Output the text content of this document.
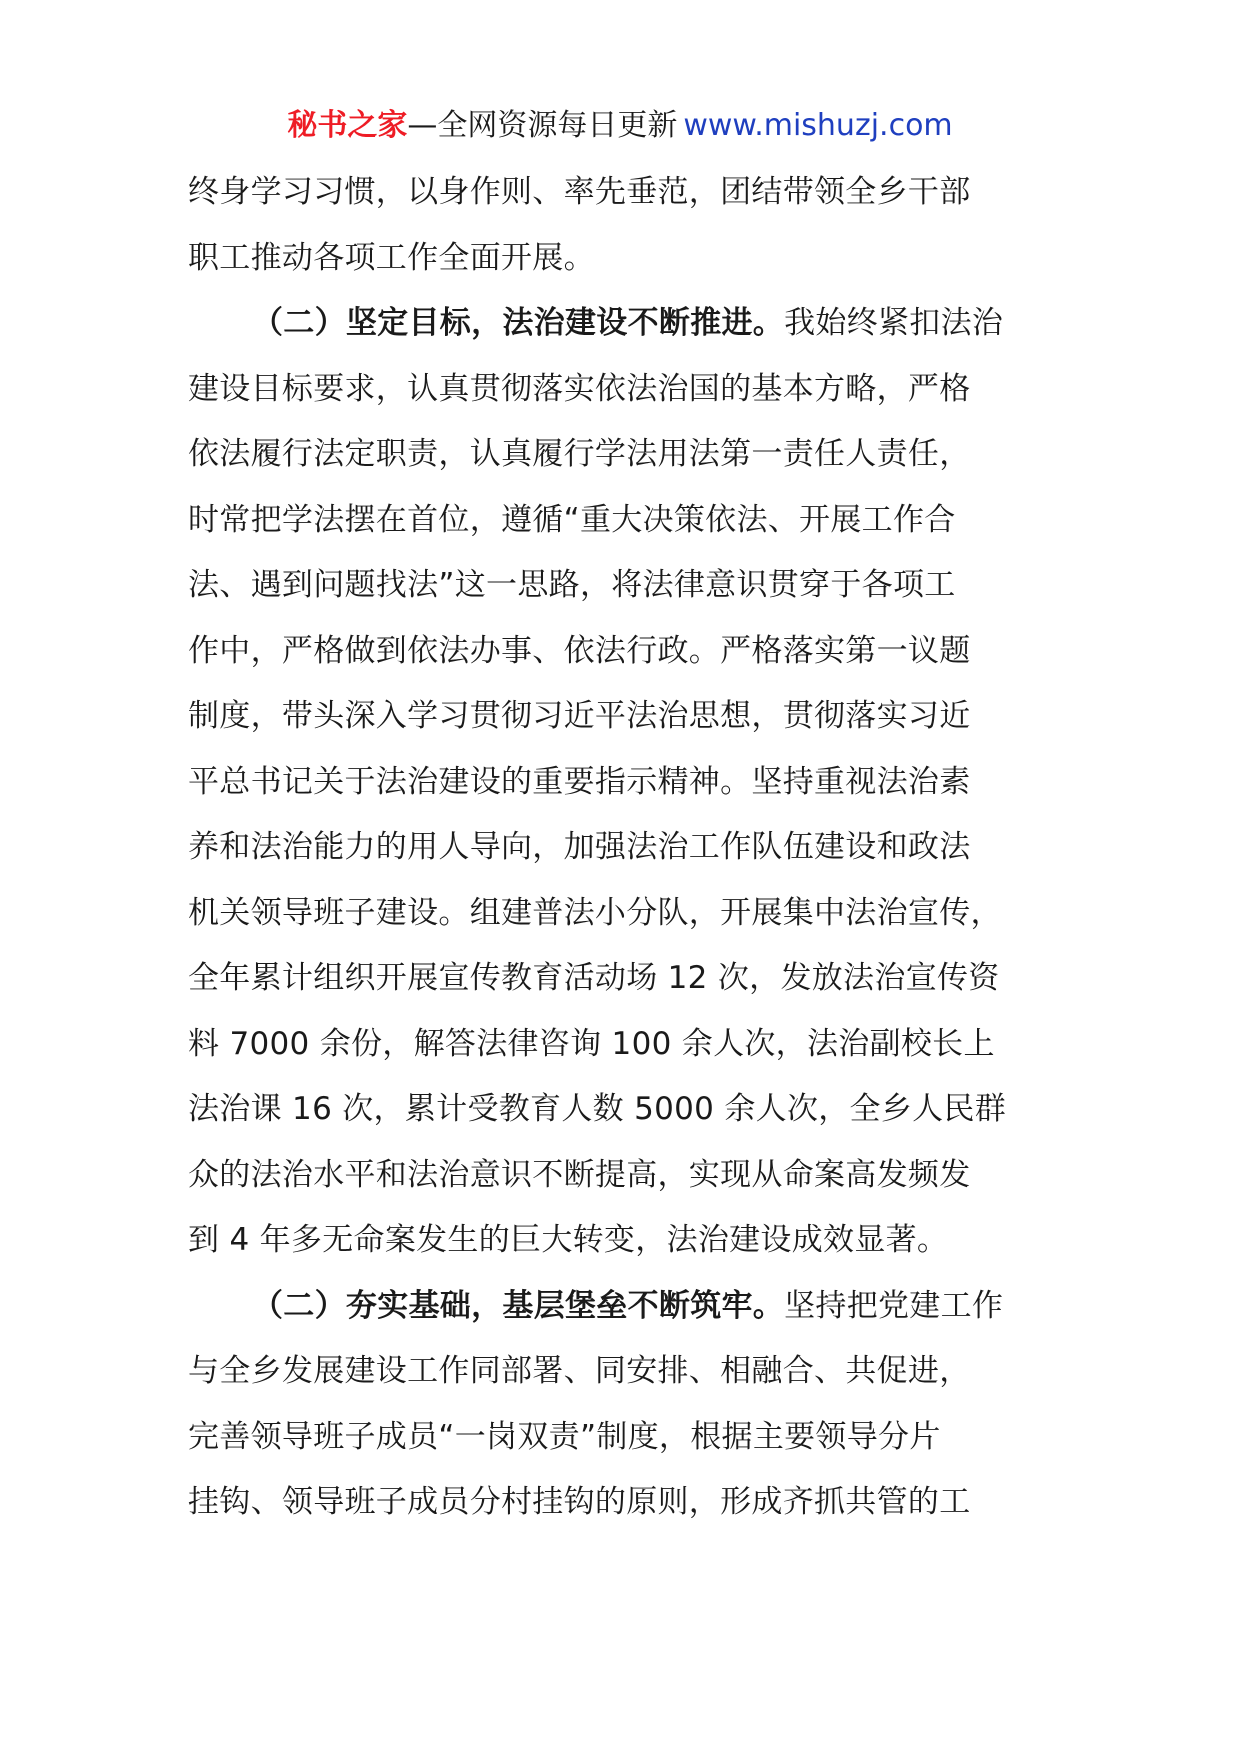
秘书之家—全网资源每日更新 www.mishuzj.com
终身学习习惯，以身作则、率先垂范，团结带领全乡干部
职工推动各项工作全面开展。
（二）坚定目标，法治建设不断推进。我始终紧扣法治
建设目标要求，认真贯彻落实依法治国的基本方略，严格
依法履行法定职责，认真履行学法用法第一责任人责任，
时常把学法摆在首位，遵循“重大决策依法、开展工作合
法、遇到问题找法”这一思路，将法律意识贯穿于各项工
作中，严格做到依法办事、依法行政。严格落实第一议题
制度，带头深入学习贯彻习近平法治思想，贯彻落实习近
平总书记关于法治建设的重要指示精神。坚持重视法治素
养和法治能力的用人导向，加强法治工作队伍建设和政法
机关领导班子建设。组建普法小分队，开展集中法治宣传，
全年累计组织开展宣传教育活动场 12 次，发放法治宣传资
料 7000 余份，解答法律咨询 100 余人次，法治副校长上
法治课 16 次，累计受教育人数 5000 余人次，全乡人民群
众的法治水平和法治意识不断提高，实现从命案高发频发
到 4 年多无命案发生的巨大转变，法治建设成效显著。
（二）夯实基础，基层堡垒不断筑牢。坚持把党建工作
与全乡发展建设工作同部署、同安排、相融合、共促进，
完善领导班子成员“一岗双责”制度，根据主要领导分片
挂钩、领导班子成员分村挂钩的原则，形成齐抓共管的工
